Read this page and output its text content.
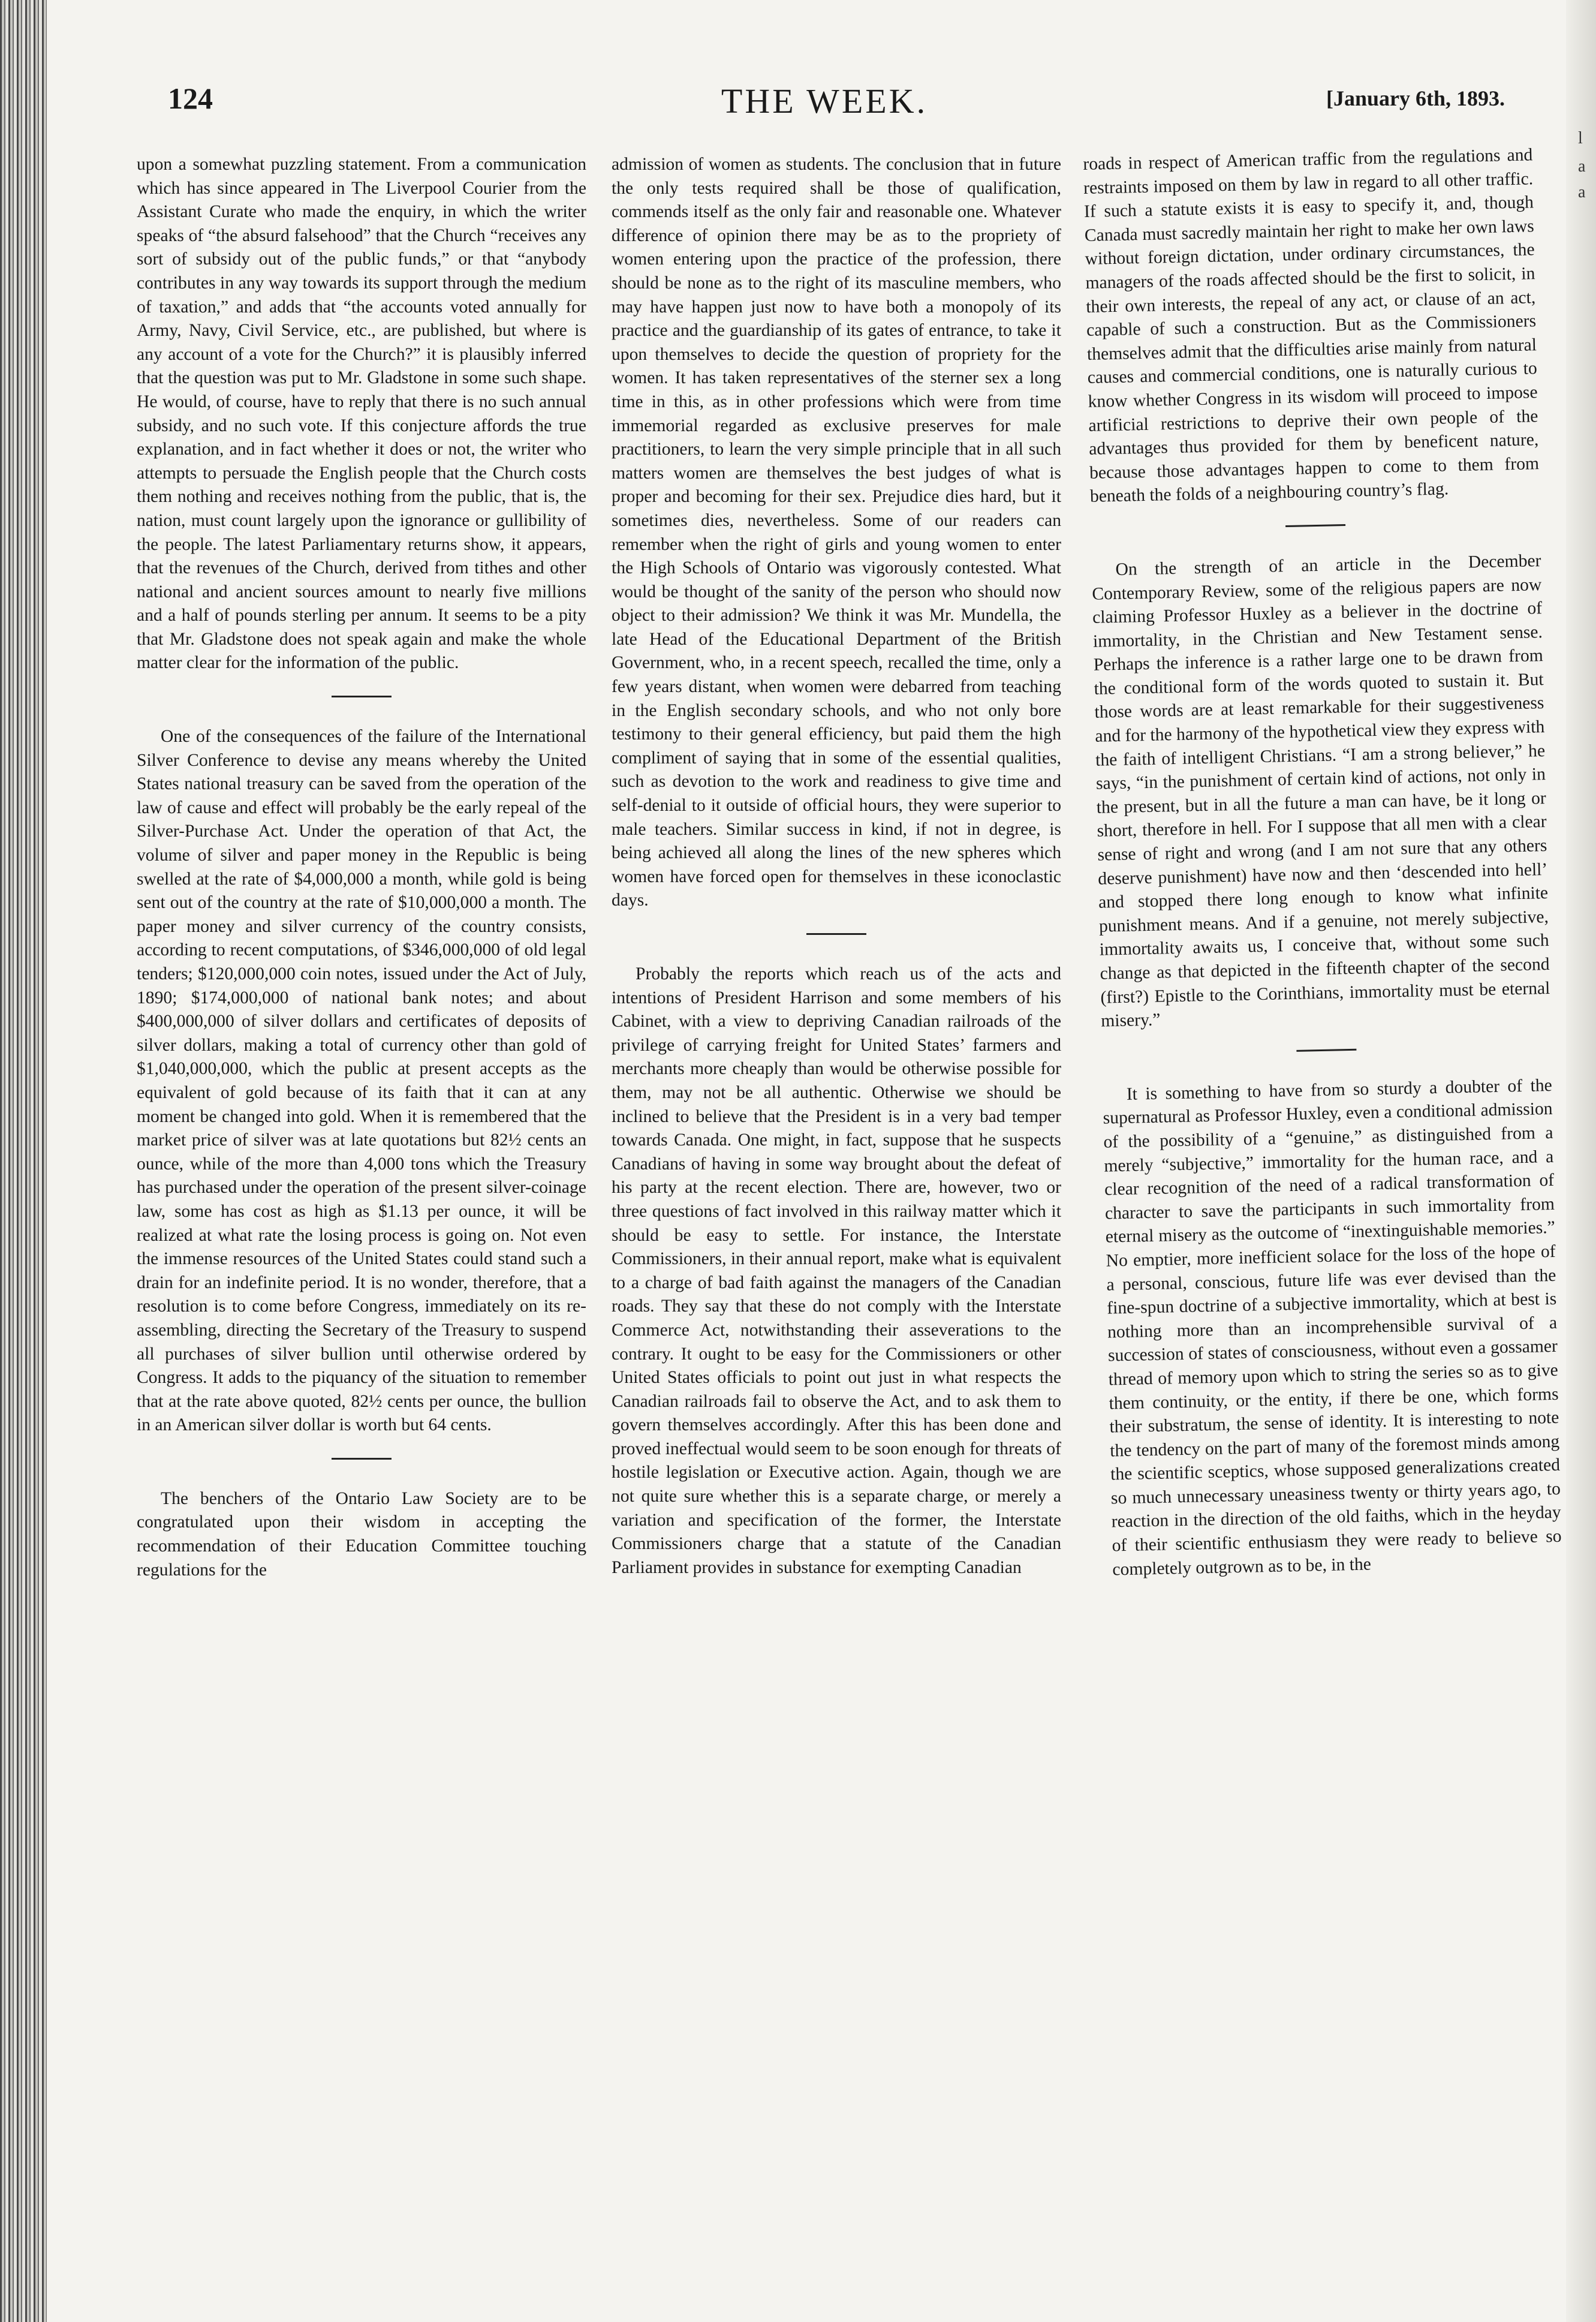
124	THE WEEK.	[January 6th, 1893.

upon a somewhat puzzling statement. From a communication which has since appeared in The Liverpool Courier from the Assistant Curate who made the enquiry, in which the writer speaks of “the absurd falsehood” that the Church “receives any sort of subsidy out of the public funds,” or that “anybody contributes in any way towards its support through the medium of taxation,” and adds that “the accounts voted annually for Army, Navy, Civil Service, etc., are published, but where is any account of a vote for the Church?” it is plausibly inferred that the question was put to Mr. Gladstone in some such shape. He would, of course, have to reply that there is no such annual subsidy, and no such vote. If this conjecture affords the true explanation, and in fact whether it does or not, the writer who attempts to persuade the English people that the Church costs them nothing and receives nothing from the public, that is, the nation, must count largely upon the ignorance or gullibility of the people. The latest Parliamentary returns show, it appears, that the revenues of the Church, derived from tithes and other national and ancient sources amount to nearly five millions and a half of pounds sterling per annum. It seems to be a pity that Mr. Gladstone does not speak again and make the whole matter clear for the information of the public.

One of the consequences of the failure of the International Silver Conference to devise any means whereby the United States national treasury can be saved from the operation of the law of cause and effect will probably be the early repeal of the Silver-Purchase Act. Under the operation of that Act, the volume of silver and paper money in the Republic is being swelled at the rate of $4,000,000 a month, while gold is being sent out of the country at the rate of $10,000,000 a month. The paper money and silver currency of the country consists, according to recent computations, of $346,000,000 of old legal tenders; $120,000,000 coin notes, issued under the Act of July, 1890; $174,000,000 of national bank notes; and about $400,000,000 of silver dollars and certificates of deposits of silver dollars, making a total of currency other than gold of $1,040,000,000, which the public at present accepts as the equivalent of gold because of its faith that it can at any moment be changed into gold. When it is remembered that the market price of silver was at late quotations but 82½ cents an ounce, while of the more than 4,000 tons which the Treasury has purchased under the operation of the present silver-coinage law, some has cost as high as $1.13 per ounce, it will be realized at what rate the losing process is going on. Not even the immense resources of the United States could stand such a drain for an indefinite period. It is no wonder, therefore, that a resolution is to come before Congress, immediately on its re-assembling, directing the Secretary of the Treasury to suspend all purchases of silver bullion until otherwise ordered by Congress. It adds to the piquancy of the situation to remember that at the rate above quoted, 82½ cents per ounce, the bullion in an American silver dollar is worth but 64 cents.

The benchers of the Ontario Law Society are to be congratulated upon their wisdom in accepting the recommendation of their Education Committee touching regulations for the

admission of women as students. The conclusion that in future the only tests required shall be those of qualification, commends itself as the only fair and reasonable one. Whatever difference of opinion there may be as to the propriety of women entering upon the practice of the profession, there should be none as to the right of its masculine members, who may have happen just now to have both a monopoly of its practice and the guardianship of its gates of entrance, to take it upon themselves to decide the question of propriety for the women. It has taken representatives of the sterner sex a long time in this, as in other professions which were from time immemorial regarded as exclusive preserves for male practitioners, to learn the very simple principle that in all such matters women are themselves the best judges of what is proper and becoming for their sex. Prejudice dies hard, but it sometimes dies, nevertheless. Some of our readers can remember when the right of girls and young women to enter the High Schools of Ontario was vigorously contested. What would be thought of the sanity of the person who should now object to their admission? We think it was Mr. Mundella, the late Head of the Educational Department of the British Government, who, in a recent speech, recalled the time, only a few years distant, when women were debarred from teaching in the English secondary schools, and who not only bore testimony to their general efficiency, but paid them the high compliment of saying that in some of the essential qualities, such as devotion to the work and readiness to give time and self-denial to it outside of official hours, they were superior to male teachers. Similar success in kind, if not in degree, is being achieved all along the lines of the new spheres which women have forced open for themselves in these iconoclastic days.

Probably the reports which reach us of the acts and intentions of President Harrison and some members of his Cabinet, with a view to depriving Canadian railroads of the privilege of carrying freight for United States’ farmers and merchants more cheaply than would be otherwise possible for them, may not be all authentic. Otherwise we should be inclined to believe that the President is in a very bad temper towards Canada. One might, in fact, suppose that he suspects Canadians of having in some way brought about the defeat of his party at the recent election. There are, however, two or three questions of fact involved in this railway matter which it should be easy to settle. For instance, the Interstate Commissioners, in their annual report, make what is equivalent to a charge of bad faith against the managers of the Canadian roads. They say that these do not comply with the Interstate Commerce Act, notwithstanding their asseverations to the contrary. It ought to be easy for the Commissioners or other United States officials to point out just in what respects the Canadian railroads fail to observe the Act, and to ask them to govern themselves accordingly. After this has been done and proved ineffectual would seem to be soon enough for threats of hostile legislation or Executive action. Again, though we are not quite sure whether this is a separate charge, or merely a variation and specification of the former, the Interstate Commissioners charge that a statute of the Canadian Parliament provides in substance for exempting Canadian

roads in respect of American traffic from the regulations and restraints imposed on them by law in regard to all other traffic. If such a statute exists it is easy to specify it, and, though Canada must sacredly maintain her right to make her own laws without foreign dictation, under ordinary circumstances, the managers of the roads affected should be the first to solicit, in their own interests, the repeal of any act, or clause of an act, capable of such a construction. But as the Commissioners themselves admit that the difficulties arise mainly from natural causes and commercial conditions, one is naturally curious to know whether Congress in its wisdom will proceed to impose artificial restrictions to deprive their own people of the advantages thus provided for them by beneficent nature, because those advantages happen to come to them from beneath the folds of a neighbouring country’s flag.

On the strength of an article in the December Contemporary Review, some of the religious papers are now claiming Professor Huxley as a believer in the doctrine of immortality, in the Christian and New Testament sense. Perhaps the inference is a rather large one to be drawn from the conditional form of the words quoted to sustain it. But those words are at least remarkable for their suggestiveness and for the harmony of the hypothetical view they express with the faith of intelligent Christians. “I am a strong believer,” he says, “in the punishment of certain kind of actions, not only in the present, but in all the future a man can have, be it long or short, therefore in hell. For I suppose that all men with a clear sense of right and wrong (and I am not sure that any others deserve punishment) have now and then ‘descended into hell’ and stopped there long enough to know what infinite punishment means. And if a genuine, not merely subjective, immortality awaits us, I conceive that, without some such change as that depicted in the fifteenth chapter of the second (first?) Epistle to the Corinthians, immortality must be eternal misery.”

It is something to have from so sturdy a doubter of the supernatural as Professor Huxley, even a conditional admission of the possibility of a “genuine,” as distinguished from a merely “subjective,” immortality for the human race, and a clear recognition of the need of a radical transformation of character to save the participants in such immortality from eternal misery as the outcome of “inextinguishable memories.” No emptier, more inefficient solace for the loss of the hope of a personal, conscious, future life was ever devised than the fine-spun doctrine of a subjective immortality, which at best is nothing more than an incomprehensible survival of a succession of states of consciousness, without even a gossamer thread of memory upon which to string the series so as to give them continuity, or the entity, if there be one, which forms their substratum, the sense of identity. It is interesting to note the tendency on the part of many of the foremost minds among the scientific sceptics, whose supposed generalizations created so much unnecessary uneasiness twenty or thirty years ago, to reaction in the direction of the old faiths, which in the heyday of their scientific enthusiasm they were ready to believe so completely outgrown as to be, in the

l
a
a
